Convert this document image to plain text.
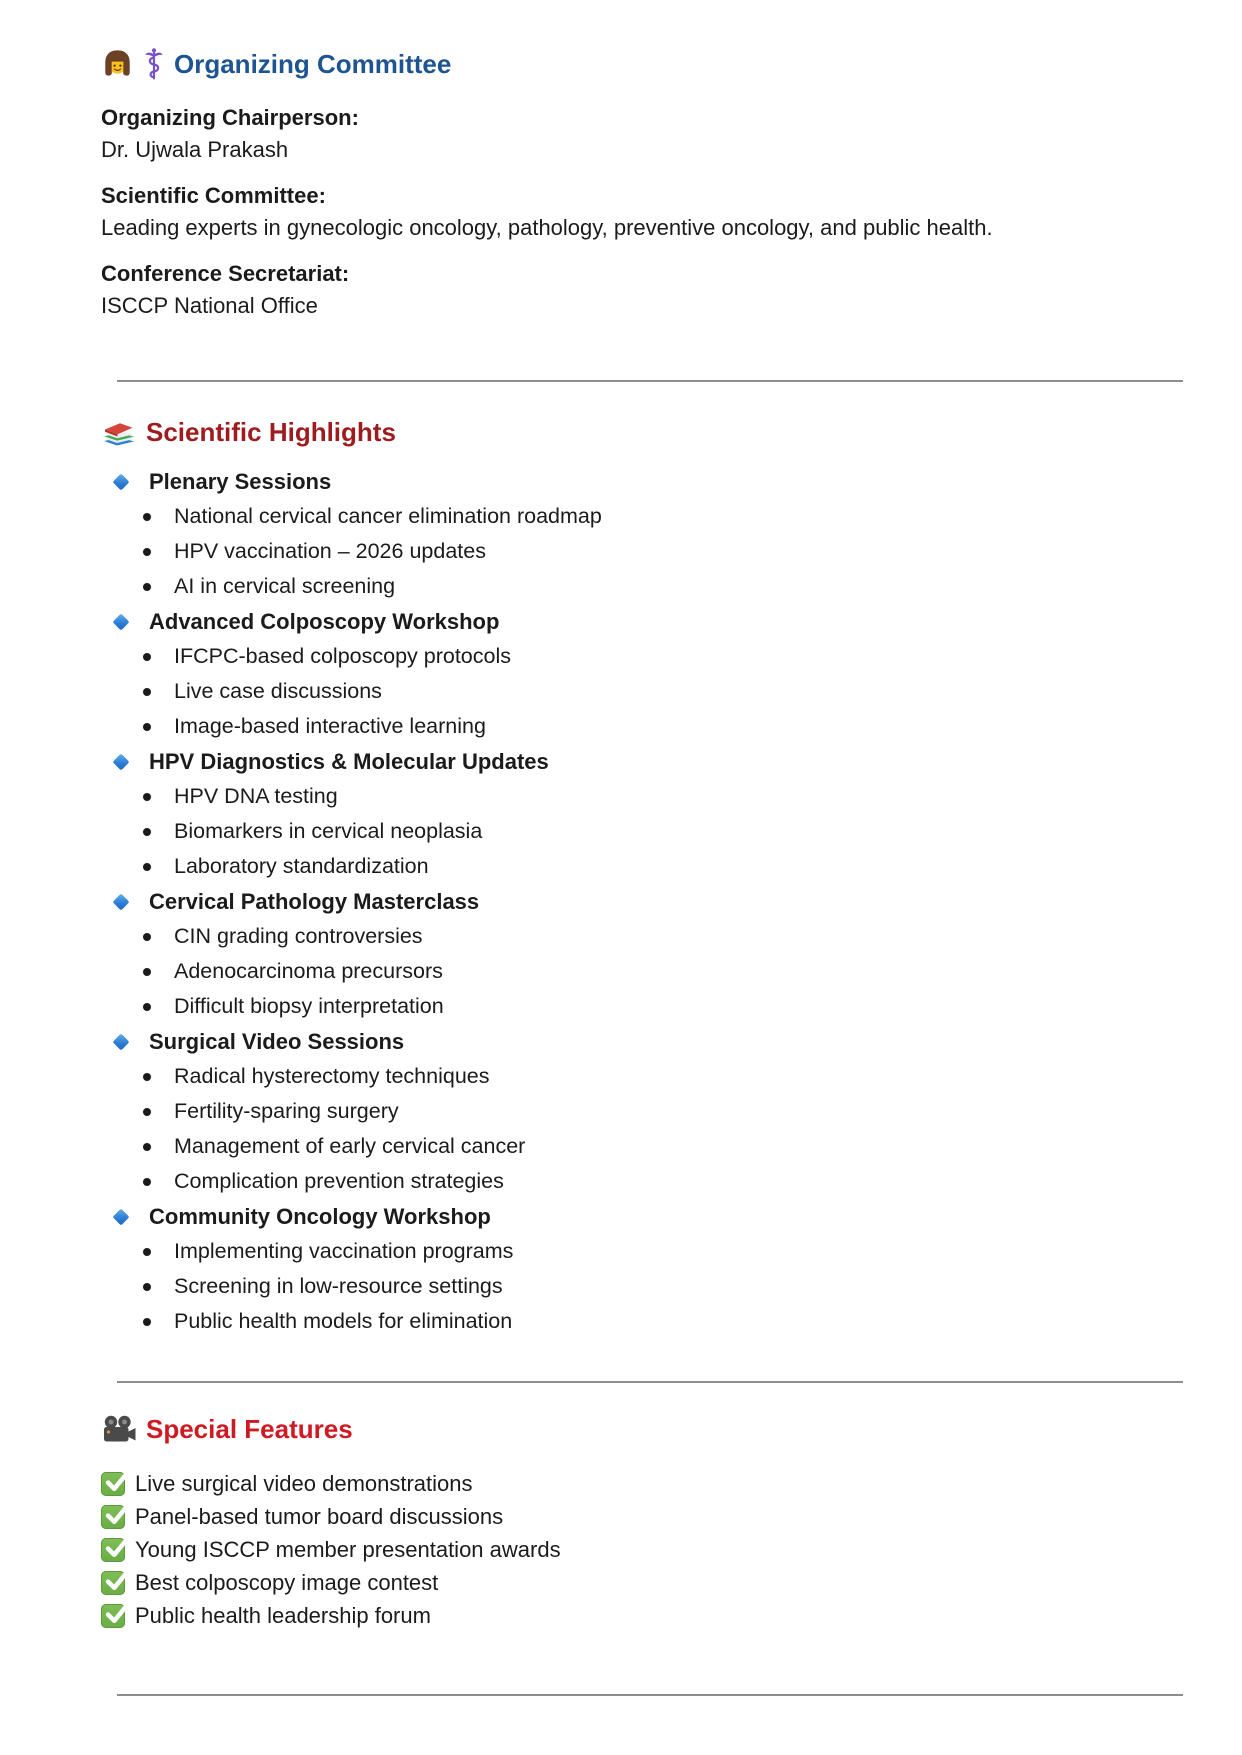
Organizing Committee

Organizing Chairperson:

Dr. Ujwala Prakash

Scientific Committee:

Leading experts in gynecologic oncology, pathology, preventive oncology, and public health.

Conference Secretariat:

ISCCP National Office

Scientific Highlights
Plenary Sessions
National cervical cancer elimination roadmap
HPV vaccination – 2026 updates
AI in cervical screening
Advanced Colposcopy Workshop
IFCPC-based colposcopy protocols
Live case discussions
Image-based interactive learning
HPV Diagnostics & Molecular Updates
HPV DNA testing
Biomarkers in cervical neoplasia
Laboratory standardization
Cervical Pathology Masterclass
CIN grading controversies
Adenocarcinoma precursors
Difficult biopsy interpretation
Surgical Video Sessions
Radical hysterectomy techniques
Fertility-sparing surgery
Management of early cervical cancer
Complication prevention strategies
Community Oncology Workshop
Implementing vaccination programs
Screening in low-resource settings
Public health models for elimination
Special Features
Live surgical video demonstrations
Panel-based tumor board discussions
Young ISCCP member presentation awards
Best colposcopy image contest
Public health leadership forum
